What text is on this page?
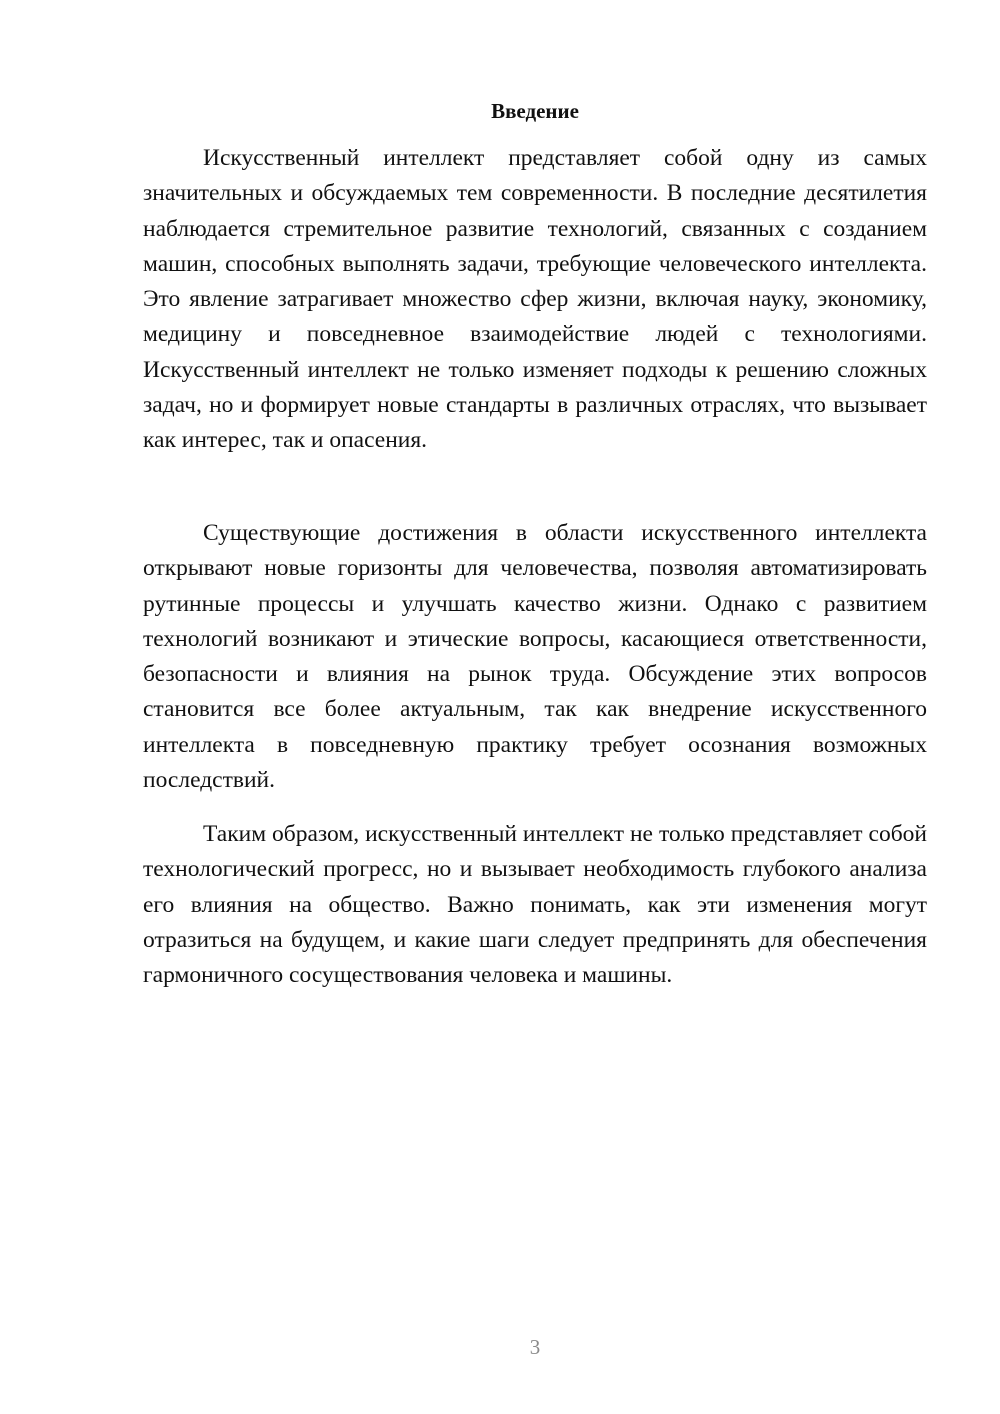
Введение

Искусственный интеллект представляет собой одну из самых значительных и обсуждаемых тем современности. В последние десятилетия наблюдается стремительное развитие технологий, связанных с созданием машин, способных выполнять задачи, требующие человеческого интеллекта. Это явление затрагивает множество сфер жизни, включая науку, экономику, медицину и повседневное взаимодействие людей с технологиями. Искусственный интеллект не только изменяет подходы к решению сложных задач, но и формирует новые стандарты в различных отраслях, что вызывает как интерес, так и опасения.

Существующие достижения в области искусственного интеллекта открывают новые горизонты для человечества, позволяя автоматизировать рутинные процессы и улучшать качество жизни. Однако с развитием технологий возникают и этические вопросы, касающиеся ответственности, безопасности и влияния на рынок труда. Обсуждение этих вопросов становится все более актуальным, так как внедрение искусственного интеллекта в повседневную практику требует осознания возможных последствий.

Таким образом, искусственный интеллект не только представляет собой технологический прогресс, но и вызывает необходимость глубокого анализа его влияния на общество. Важно понимать, как эти изменения могут отразиться на будущем, и какие шаги следует предпринять для обеспечения гармоничного сосуществования человека и машины.

3
